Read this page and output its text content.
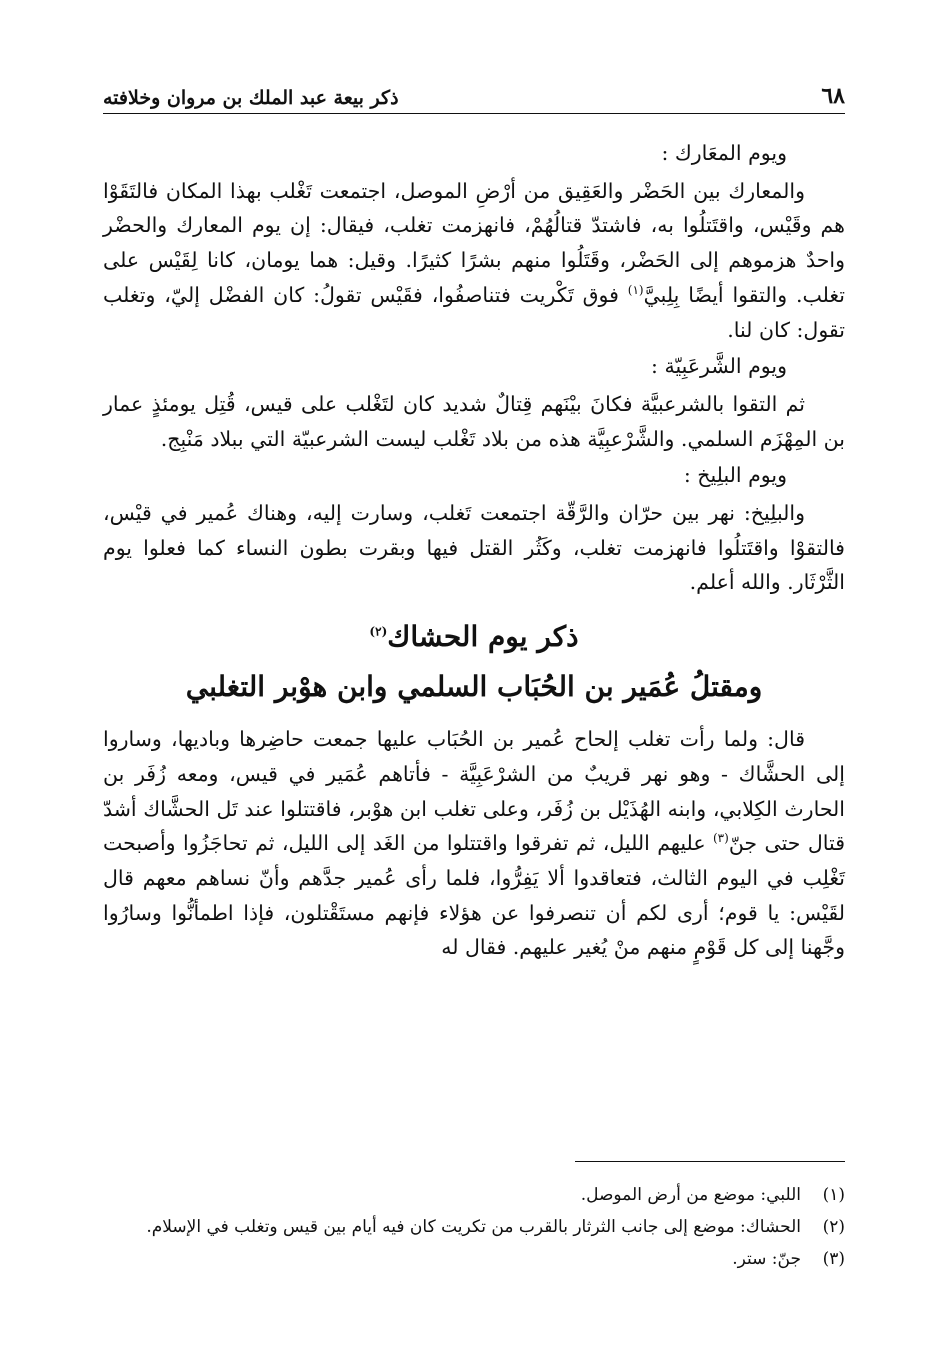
٦٨
ذكر بيعة عبد الملك بن مروان وخلافته

ويوم المعَارك :

والمعارك بين الحَضْر والعَقِيق من أرْضِ الموصل، اجتمعت تَغْلب بهذا المكان فالتَقَوْا هم وقَيْس، واقتَتلُوا به، فاشتدّ قتالُهُمْ، فانهزمت تغلب، فيقال: إن يوم المعارك والحضْر واحدٌ هزموهم إلى الحَضْر، وقَتَلُوا منهم بشرًا كثيرًا. وقيل: هما يومان، كانا لِقَيْس على تغلب. والتقوا أيضًا بِلِبيَّ$^{(١)}$ فوق تَكْريت فتناصفُوا، فقَيْس تقولُ: كان الفضْل إليّ، وتغلب تقول: كان لنا.

ويوم الشَّرعَبِيّة :

ثم التقوا بالشرعبيَّة فكانَ بيْنَهم قِتالٌ شديد كان لتَغْلب على قيس، قُتِل يومئذٍ عمار بن المِهْزَم السلمي. والشَّرْعبِيَّة هذه من بلاد تَغْلب ليست الشرعبيّة التي ببلاد مَنْبِج.

ويوم البلِيخ :

والبلِيخ: نهر بين حرّان والرَّقّة اجتمعت تَغلب، وسارت إليه، وهناك عُمير في قيْس، فالتقوْا واقتَتلُوا فانهزمت تغلب، وكَثُر القتل فيها وبقرت بطون النساء كما فعلوا يوم الثَّرْثَار. والله أعلم.

ذكر يوم الحشاك$^{(٢)}$

ومقتلُ عُمَير بن الحُبَاب السلمي وابن هوْبر التغلبي

قال: ولما رأت تغلب إلحاح عُمير بن الحُبَاب عليها جمعت حاضِرها وباديها، وساروا إلى الحشَّاك - وهو نهر قريبٌ من الشرْعَبِيَّة - فأتاهم عُمَير في قيس، ومعه زُفَر بن الحارث الكِلابي، وابنه الهُذَيْل بن زُفَر، وعلى تغلب ابن هوْبر، فاقتتلوا عند تَل الحشَّاك أشدّ قتال حتى جنّ$^{(٣)}$ عليهم الليل، ثم تفرقوا واقتتلوا من الغَد إلى الليل، ثم تحاجَزُوا وأصبحت تَغْلِب في اليوم الثالث، فتعاقدوا ألا يَفِرُّوا، فلما رأى عُمير جدَّهم وأنّ نساهم معهم قال لقَيْس: يا قوم؛ أرى لكم أن تنصرفوا عن هؤلاء فإنهم مستَقْتلون، فإذا اطمأنُّوا وسارُوا وجَّهنا إلى كل قَوْمٍ منهم منْ يُغير عليهم. فقال له

(١)
اللبي: موضع من أرض الموصل.
(٢)
الحشاك: موضع إلى جانب الثرثار بالقرب من تكريت كان فيه أيام بين قيس وتغلب في الإسلام.
(٣)
جنّ: ستر.
